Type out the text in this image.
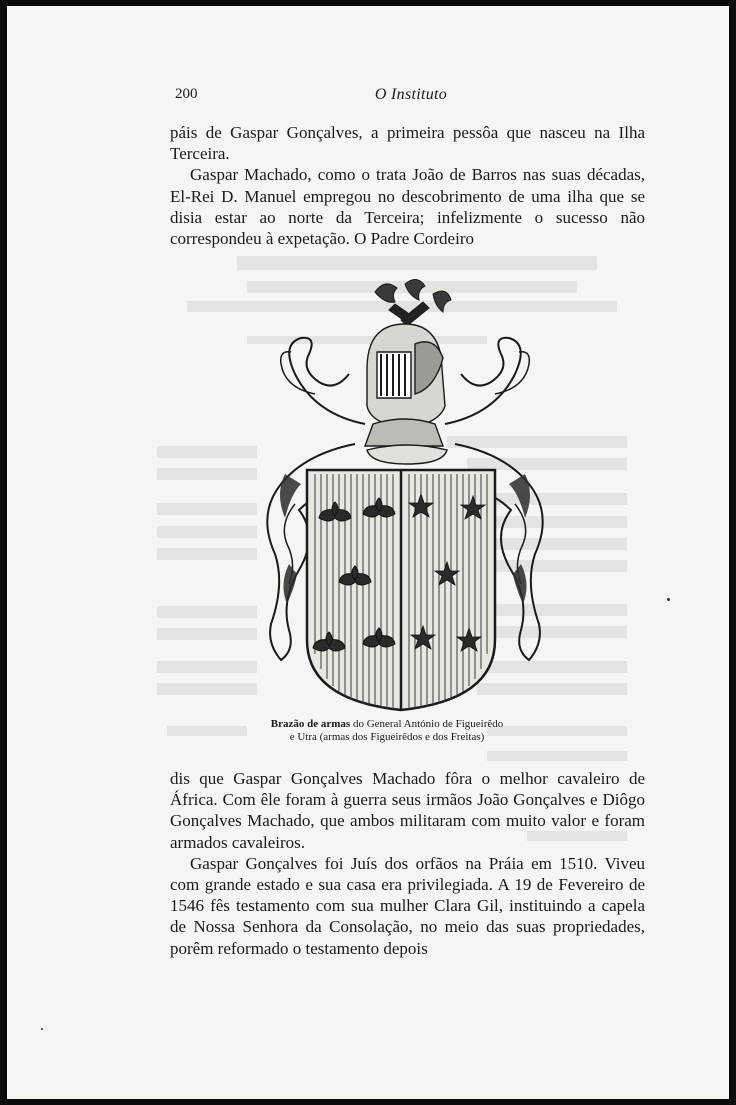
200	O Instituto

páis de Gaspar Gonçalves, a primeira pessôa que nasceu na Ilha Terceira.

Gaspar Machado, como o trata João de Barros nas suas décadas, El-Rei D. Manuel empregou no descobrimento de uma ilha que se disia estar ao norte da Terceira; infelizmente o sucesso não correspondeu à expetação. O Padre Cordeiro

Brazão de armas do General António de Figueirêdo
e Utra (armas dos Figueirêdos e dos Freitas)

dis que Gaspar Gonçalves Machado fôra o melhor cavaleiro de África. Com êle foram à guerra seus irmãos João Gonçalves e Diôgo Gonçalves Machado, que ambos militaram com muito valor e foram armados cavaleiros.

Gaspar Gonçalves foi Juís dos orfãos na Práia em 1510. Viveu com grande estado e sua casa era privilegiada. A 19 de Fevereiro de 1546 fês testamento com sua mulher Clara Gil, instituindo a capela de Nossa Senhora da Consolação, no meio das suas propriedades, porêm reformado o testamento depois
